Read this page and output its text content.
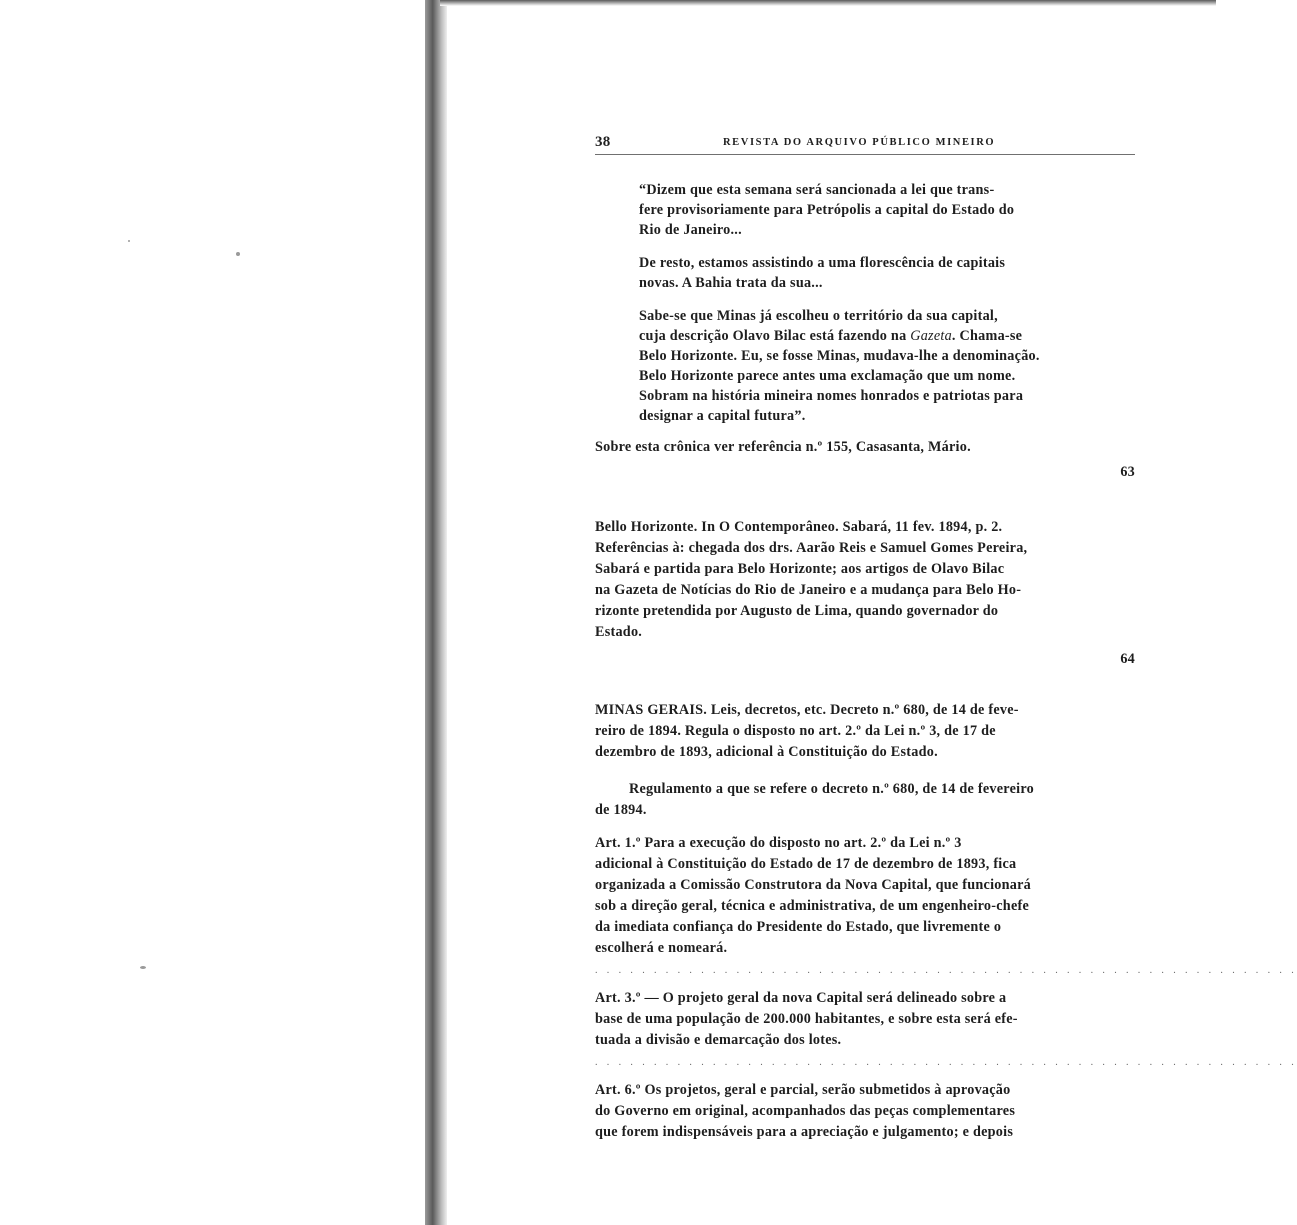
38	REVISTA DO ARQUIVO PÚBLICO MINEIRO

“Dizem que esta semana será sancionada a lei que trans-
fere provisoriamente para Petrópolis a capital do Estado do
Rio de Janeiro...

De resto, estamos assistindo a uma florescência de capitais
novas. A Bahia trata da sua...

Sabe-se que Minas já escolheu o território da sua capital,
cuja descrição Olavo Bilac está fazendo na Gazeta. Chama-se
Belo Horizonte. Eu, se fosse Minas, mudava-lhe a denominação.
Belo Horizonte parece antes uma exclamação que um nome.
Sobram na história mineira nomes honrados e patriotas para
designar a capital futura”.

Sobre esta crônica ver referência n.º 155, Casasanta, Mário.

63

Bello Horizonte. In O Contemporâneo. Sabará, 11 fev. 1894, p. 2.
Referências à: chegada dos drs. Aarão Reis e Samuel Gomes Pereira,
Sabará e partida para Belo Horizonte; aos artigos de Olavo Bilac
na Gazeta de Notícias do Rio de Janeiro e a mudança para Belo Ho-
rizonte pretendida por Augusto de Lima, quando governador do
Estado.

64

MINAS GERAIS. Leis, decretos, etc. Decreto n.º 680, de 14 de feve-
reiro de 1894. Regula o disposto no art. 2.º da Lei n.º 3, de 17 de
dezembro de 1893, adicional à Constituição do Estado.

Regulamento a que se refere o decreto n.º 680, de 14 de fevereiro
de 1894.

Art. 1.º Para a execução do disposto no art. 2.º da Lei n.º 3
adicional à Constituição do Estado de 17 de dezembro de 1893, fica
organizada a Comissão Construtora da Nova Capital, que funcionará
sob a direção geral, técnica e administrativa, de um engenheiro-chefe
da imediata confiança do Presidente do Estado, que livremente o
escolherá e nomeará.

. . . . . . . . . . . . . . . . . . . . . . . . . . . . . . . . . . . . . . . . . . . . . . . . . . . . . . . . . . . .

Art. 3.º — O projeto geral da nova Capital será delineado sobre a
base de uma população de 200.000 habitantes, e sobre esta será efe-
tuada a divisão e demarcação dos lotes.

. . . . . . . . . . . . . . . . . . . . . . . . . . . . . . . . . . . . . . . . . . . . . . . . . . . . . . . . . . . .

Art. 6.º Os projetos, geral e parcial, serão submetidos à aprovação
do Governo em original, acompanhados das peças complementares
que forem indispensáveis para a apreciação e julgamento; e depois
